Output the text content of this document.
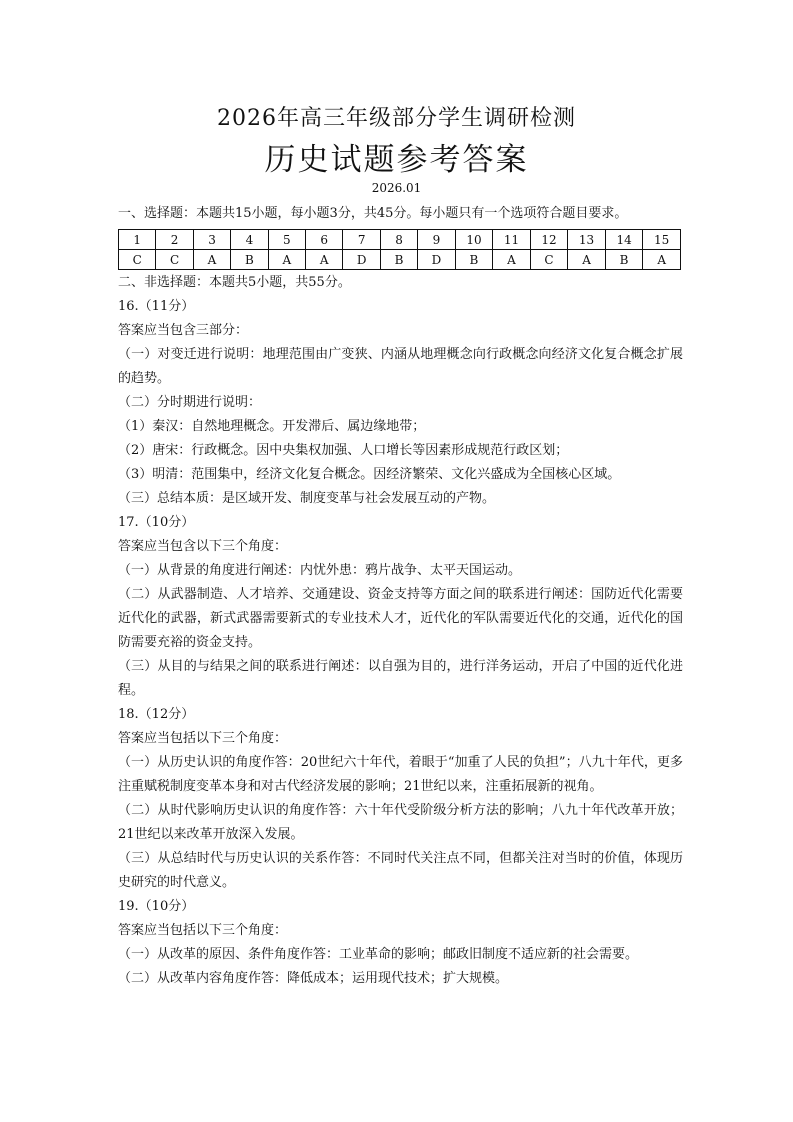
2026年高三年级部分学生调研检测
历史试题参考答案
2026.01
一、选择题：本题共15小题，每小题3分，共45分。每小题只有一个选项符合题目要求。
1	2	3	4	5	6	7	8	9	10	11	12	13	14	15
C	C	A	B	A	A	D	B	D	B	A	C	A	B	A
二、非选择题：本题共5小题，共55分。
16.（11分）
答案应当包含三部分：
（一）对变迁进行说明：地理范围由广变狭、内涵从地理概念向行政概念向经济文化复合概念扩展的趋势。
（二）分时期进行说明：
（1）秦汉：自然地理概念。开发滞后、属边缘地带；
（2）唐宋：行政概念。因中央集权加强、人口增长等因素形成规范行政区划；
（3）明清：范围集中，经济文化复合概念。因经济繁荣、文化兴盛成为全国核心区域。
（三）总结本质：是区域开发、制度变革与社会发展互动的产物。
17.（10分）
答案应当包含以下三个角度：
（一）从背景的角度进行阐述：内忧外患：鸦片战争、太平天国运动。
（二）从武器制造、人才培养、交通建设、资金支持等方面之间的联系进行阐述：国防近代化需要近代化的武器，新式武器需要新式的专业技术人才，近代化的军队需要近代化的交通，近代化的国防需要充裕的资金支持。
（三）从目的与结果之间的联系进行阐述：以自强为目的，进行洋务运动，开启了中国的近代化进程。
18.（12分）
答案应当包括以下三个角度：
（一）从历史认识的角度作答：20世纪六十年代，着眼于“加重了人民的负担”；八九十年代，更多注重赋税制度变革本身和对古代经济发展的影响；21世纪以来，注重拓展新的视角。
（二）从时代影响历史认识的角度作答：六十年代受阶级分析方法的影响；八九十年代改革开放；21世纪以来改革开放深入发展。
（三）从总结时代与历史认识的关系作答：不同时代关注点不同，但都关注对当时的价值，体现历史研究的时代意义。
19.（10分）
答案应当包括以下三个角度：
（一）从改革的原因、条件角度作答：工业革命的影响；邮政旧制度不适应新的社会需要。
（二）从改革内容角度作答：降低成本；运用现代技术；扩大规模。
